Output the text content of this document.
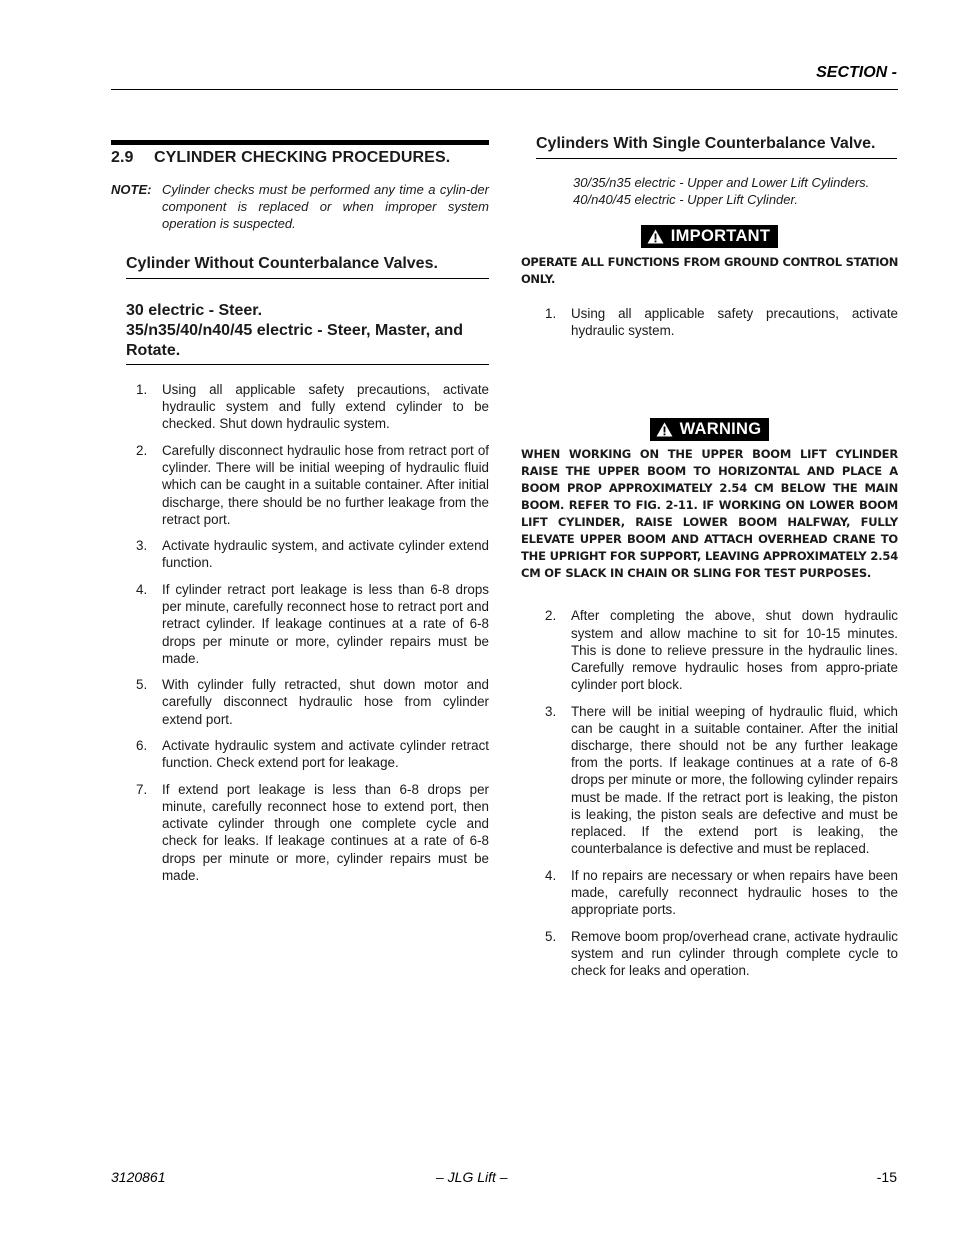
SECTION -
2.9 CYLINDER CHECKING PROCEDURES.
NOTE: Cylinder checks must be performed any time a cylin-der component is replaced or when improper system operation is suspected.
Cylinder Without Counterbalance Valves.
30 electric - Steer.
35/n35/40/n40/45 electric - Steer, Master, and Rotate.
1.	Using all applicable safety precautions, activate hydraulic system and fully extend cylinder to be checked. Shut down hydraulic system.
2.	Carefully disconnect hydraulic hose from retract port of cylinder. There will be initial weeping of hydraulic fluid which can be caught in a suitable container. After initial discharge, there should be no further leakage from the retract port.
3.	Activate hydraulic system, and activate cylinder extend function.
4.	If cylinder retract port leakage is less than 6-8 drops per minute, carefully reconnect hose to retract port and retract cylinder. If leakage continues at a rate of 6-8 drops per minute or more, cylinder repairs must be made.
5.	With cylinder fully retracted, shut down motor and carefully disconnect hydraulic hose from cylinder extend port.
6.	Activate hydraulic system and activate cylinder retract function. Check extend port for leakage.
7.	If extend port leakage is less than 6-8 drops per minute, carefully reconnect hose to extend port, then activate cylinder through one complete cycle and check for leaks. If leakage continues at a rate of 6-8 drops per minute or more, cylinder repairs must be made.
Cylinders With Single Counterbalance Valve.
30/35/n35 electric - Upper and Lower Lift Cylinders.
40/n40/45 electric - Upper Lift Cylinder.
IMPORTANT
OPERATE ALL FUNCTIONS FROM GROUND CONTROL STATION ONLY.
1.	Using all applicable safety precautions, activate hydraulic system.
WARNING
WHEN WORKING ON THE UPPER BOOM LIFT CYLINDER RAISE THE UPPER BOOM TO HORIZONTAL AND PLACE A BOOM PROP APPROXIMATELY 2.54 CM BELOW THE MAIN BOOM. REFER TO FIG. 2-11. IF WORKING ON LOWER BOOM LIFT CYLINDER, RAISE LOWER BOOM HALFWAY, FULLY ELEVATE UPPER BOOM AND ATTACH OVERHEAD CRANE TO THE UPRIGHT FOR SUPPORT, LEAVING APPROXIMATELY 2.54 CM OF SLACK IN CHAIN OR SLING FOR TEST PURPOSES.
2.	After completing the above, shut down hydraulic system and allow machine to sit for 10-15 minutes. This is done to relieve pressure in the hydraulic lines. Carefully remove hydraulic hoses from appro-priate cylinder port block.
3.	There will be initial weeping of hydraulic fluid, which can be caught in a suitable container. After the initial discharge, there should not be any further leakage from the ports. If leakage continues at a rate of 6-8 drops per minute or more, the following cylinder repairs must be made. If the retract port is leaking, the piston is leaking, the piston seals are defective and must be replaced. If the extend port is leaking, the counterbalance is defective and must be replaced.
4.	If no repairs are necessary or when repairs have been made, carefully reconnect hydraulic hoses to the appropriate ports.
5.	Remove boom prop/overhead crane, activate hydraulic system and run cylinder through complete cycle to check for leaks and operation.
3120861	– JLG Lift –	-15
